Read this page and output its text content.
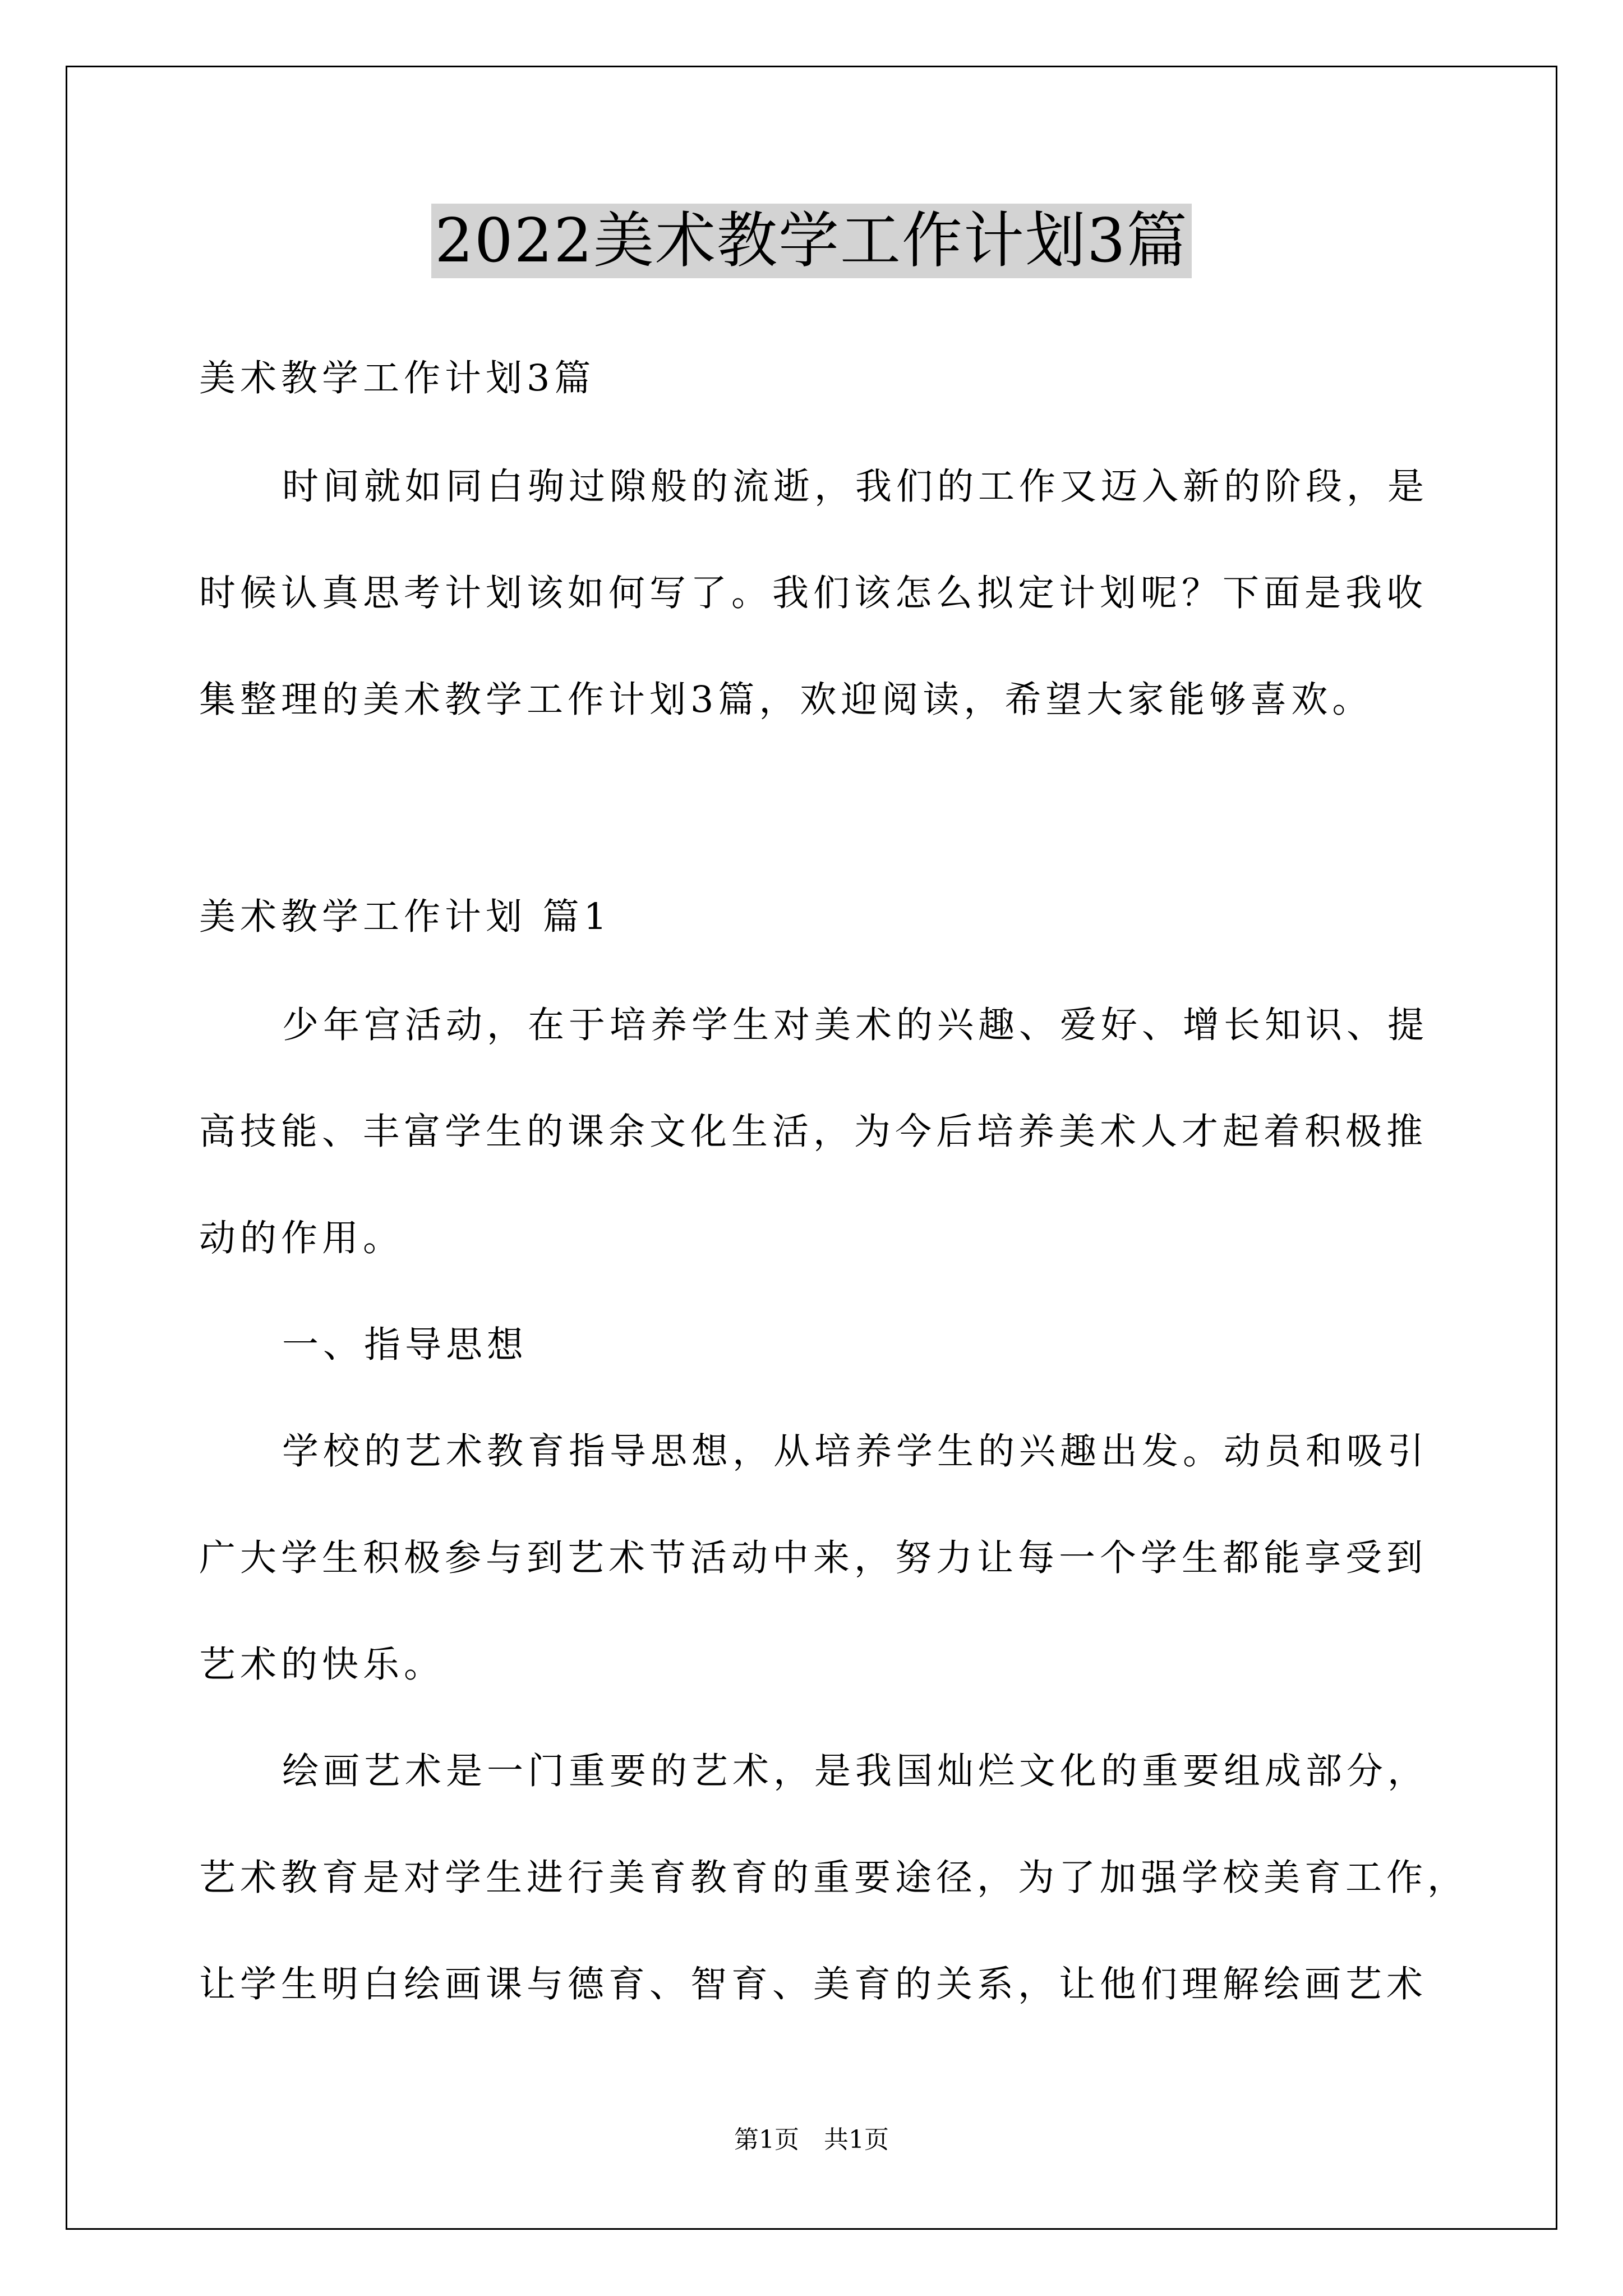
2022美术教学工作计划3篇

美术教学工作计划3篇

时间就如同白驹过隙般的流逝，我们的工作又迈入新的阶段，是

时候认真思考计划该如何写了。我们该怎么拟定计划呢？下面是我收

集整理的美术教学工作计划3篇，欢迎阅读，希望大家能够喜欢。

美术教学工作计划 篇1

少年宫活动，在于培养学生对美术的兴趣、爱好、增长知识、提

高技能、丰富学生的课余文化生活，为今后培养美术人才起着积极推

动的作用。

一、指导思想

学校的艺术教育指导思想，从培养学生的兴趣出发。动员和吸引

广大学生积极参与到艺术节活动中来，努力让每一个学生都能享受到

艺术的快乐。

绘画艺术是一门重要的艺术，是我国灿烂文化的重要组成部分，

艺术教育是对学生进行美育教育的重要途径，为了加强学校美育工作，

让学生明白绘画课与德育、智育、美育的关系，让他们理解绘画艺术

第1页　共1页
